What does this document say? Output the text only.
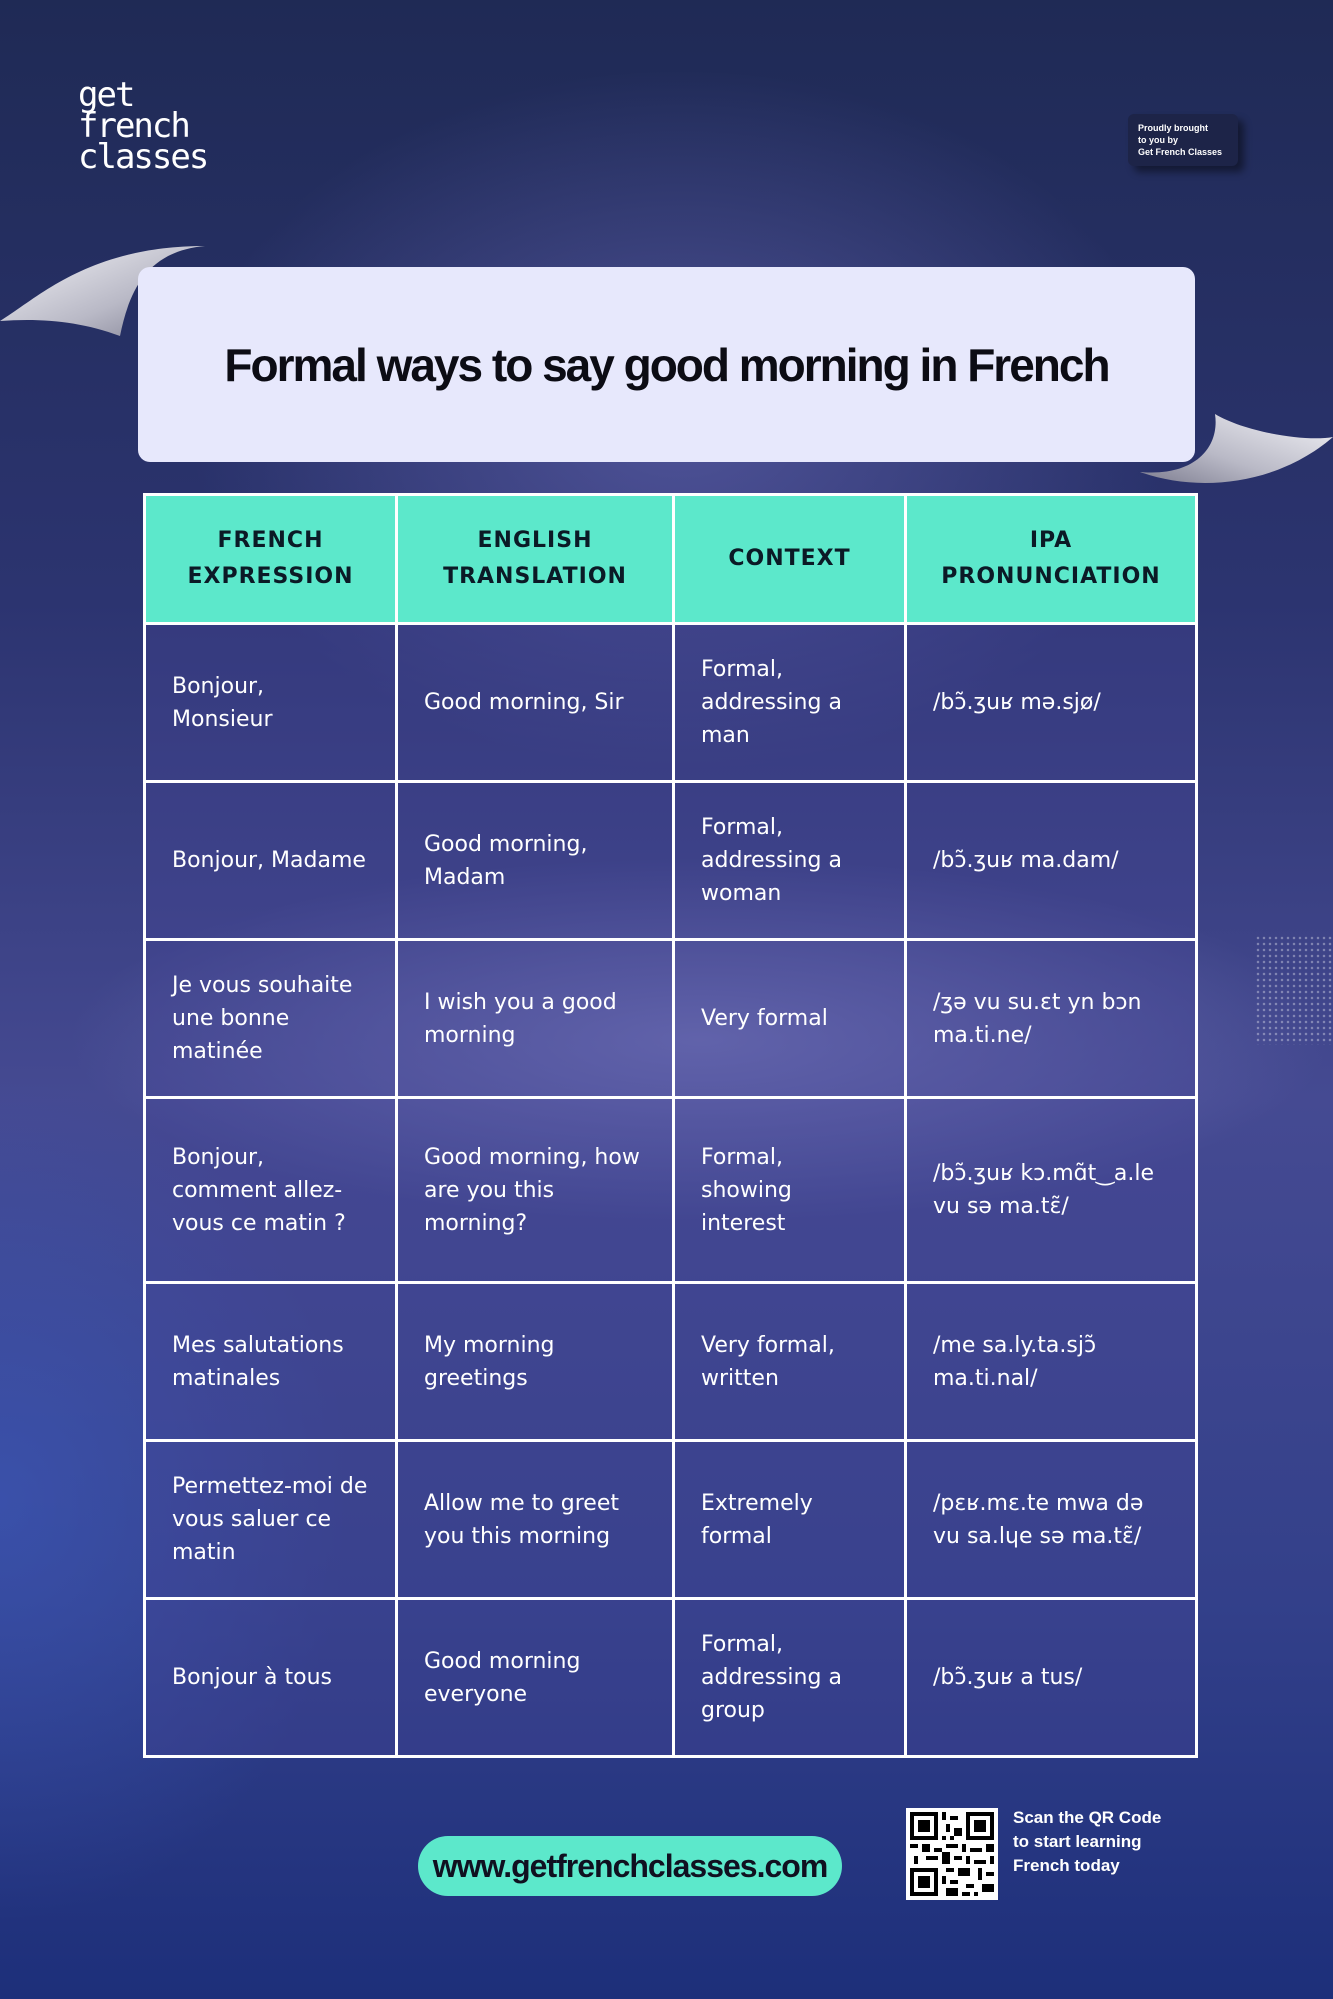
get
french
classes
Proudly brought
to you by
Get French Classes
Formal ways to say good morning in French
FRENCH EXPRESSION	ENGLISH TRANSLATION	CONTEXT	IPA PRONUNCIATION
Bonjour, Monsieur	Good morning, Sir	Formal, addressing a man	/bɔ̃.ʒuʁ mə.sjø/
Bonjour, Madame	Good morning, Madam	Formal, addressing a woman	/bɔ̃.ʒuʁ ma.dam/
Je vous souhaite une bonne matinée	I wish you a good morning	Very formal	/ʒə vu su.ɛt yn bɔn ma.ti.ne/
Bonjour, comment allez-vous ce matin ?	Good morning, how are you this morning?	Formal, showing interest	/bɔ̃.ʒuʁ kɔ.mɑ̃t‿a.le vu sə ma.tɛ̃/
Mes salutations matinales	My morning greetings	Very formal, written	/me sa.ly.ta.sjɔ̃ ma.ti.nal/
Permettez-moi de vous saluer ce matin	Allow me to greet you this morning	Extremely formal	/pɛʁ.mɛ.te mwa də vu sa.lɥe sə ma.tɛ̃/
Bonjour à tous	Good morning everyone	Formal, addressing a group	/bɔ̃.ʒuʁ a tus/
www.getfrenchclasses.com
Scan the QR Code to start learning French today
